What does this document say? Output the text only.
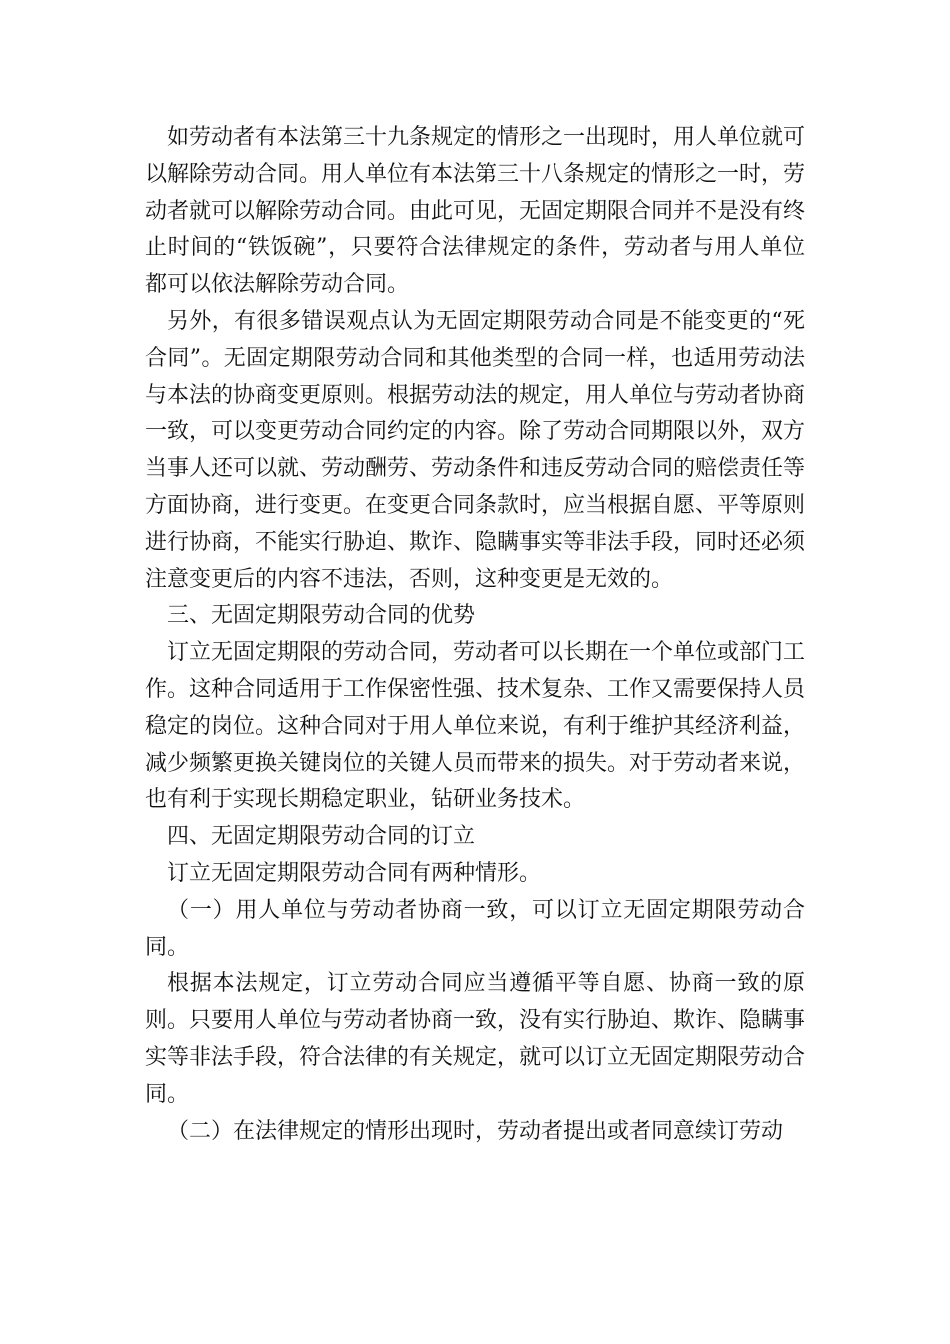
如劳动者有本法第三十九条规定的情形之一出现时，用人单位就可以解除劳动合同。用人单位有本法第三十八条规定的情形之一时，劳动者就可以解除劳动合同。由此可见，无固定期限合同并不是没有终止时间的“铁饭碗”，只要符合法律规定的条件，劳动者与用人单位都可以依法解除劳动合同。

另外，有很多错误观点认为无固定期限劳动合同是不能变更的“死合同”。无固定期限劳动合同和其他类型的合同一样，也适用劳动法与本法的协商变更原则。根据劳动法的规定，用人单位与劳动者协商一致，可以变更劳动合同约定的内容。除了劳动合同期限以外，双方当事人还可以就、劳动酬劳、劳动条件和违反劳动合同的赔偿责任等方面协商，进行变更。在变更合同条款时，应当根据自愿、平等原则进行协商，不能实行胁迫、欺诈、隐瞒事实等非法手段，同时还必须注意变更后的内容不违法，否则，这种变更是无效的。

三、无固定期限劳动合同的优势

订立无固定期限的劳动合同，劳动者可以长期在一个单位或部门工作。这种合同适用于工作保密性强、技术复杂、工作又需要保持人员稳定的岗位。这种合同对于用人单位来说，有利于维护其经济利益，减少频繁更换关键岗位的关键人员而带来的损失。对于劳动者来说，也有利于实现长期稳定职业，钻研业务技术。

四、无固定期限劳动合同的订立

订立无固定期限劳动合同有两种情形。

（一）用人单位与劳动者协商一致，可以订立无固定期限劳动合同。

根据本法规定，订立劳动合同应当遵循平等自愿、协商一致的原则。只要用人单位与劳动者协商一致，没有实行胁迫、欺诈、隐瞒事实等非法手段，符合法律的有关规定，就可以订立无固定期限劳动合同。

（二）在法律规定的情形出现时，劳动者提出或者同意续订劳动
